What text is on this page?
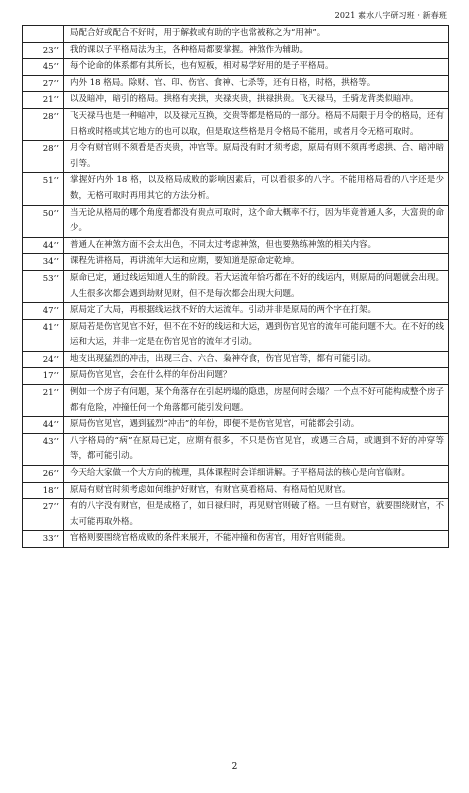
2021 素水八字研习班 · 新春班
局配合好或配合不好时，用于解救或有助的字也常被称之为“用神”。
23’’	我的课以子平格局法为主，各种格局都要掌握。神煞作为辅助。
45’’	每个论命的体系都有其所长，也有短板，相对易学好用的是子平格局。
27’’	内外 18 格局。除财、官、印、伤官、食神、七杀等，还有日格，时格，拱格等。
21’’	以及暗冲，暗引的格局。拱格有夹拱，夹禄夹贵，拱禄拱贵。飞天禄马，壬骑龙背类似暗冲。
28’’	飞天禄马也是一种暗冲，以及禄元互换，交贵等都是格局的一部分。格局不局限于月令的格局，还有日格或时格或其它地方的也可以取，但是取这些格是月令格局不能用，或者月令无格可取时。
28’’	月令有财官则不须看是否夹贵，冲官等。原局没有时才须考虑，原局有则不须再考虑拱、合、暗冲暗引等。
51’’	掌握好内外 18 格，以及格局成败的影响因素后，可以看很多的八字。不能用格局看的八字还是少数，无格可取时再用其它的方法分析。
50’’	当无论从格局的哪个角度看都没有贵点可取时，这个命大概率不行，因为毕竟普通人多，大富贵的命少。
44’’	普通人在神煞方面不会太出色，不同太过考虑神煞，但也要熟练神煞的相关内容。
34’’	课程先讲格局，再讲流年大运和应期，要知道是原命定乾坤。
53’’	原命已定，通过线运知道人生的阶段。若大运流年恰巧都在不好的线运内，则原局的问题就会出现。人生很多次都会遇到劫财见财，但不是每次都会出现大问题。
47’’	原局定了大局，再根据线运找不好的大运流年。引动并非是原局的两个字在打架。
41’’	原局若是伤官见官不好，但不在不好的线运和大运，遇到伤官见官的流年可能问题不大。在不好的线运和大运，并非一定是在伤官见官的流年才引动。
24’’	地支出现猛烈的冲击，出现三合、六合、枭神夺食，伤官见官等，都有可能引动。
17’’	原局伤官见官，会在什么样的年份出问题？
21’’	例如一个房子有问题，某个角落存在引起坍塌的隐患，房屋何时会塌？一个点不好可能构成整个房子都有危险，冲撞任何一个角落都可能引发问题。
44’’	原局伤官见官，遇到猛烈“冲击”的年份，即便不是伤官见官，可能都会引动。
43’’	八字格局的“病”在原局已定，应期有很多，不只是伤官见官，或遇三合局，或遇到不好的冲穿等等，都可能引动。
26’’	今天给大家做一个大方向的梳理，具体课程时会详细讲解。子平格局法的核心是向官临财。
18’’	原局有财官时须考虑如何维护好财官，有财官莫看格局、有格局怕见财官。
27’’	有的八字没有财官，但是成格了，如日禄归时，再见财官则破了格。一旦有财官，就要围绕财官，不太可能再取外格。
33’’	官格则要围绕官格成败的条件来展开，不能冲撞和伤害官，用好官则能贵。
2
